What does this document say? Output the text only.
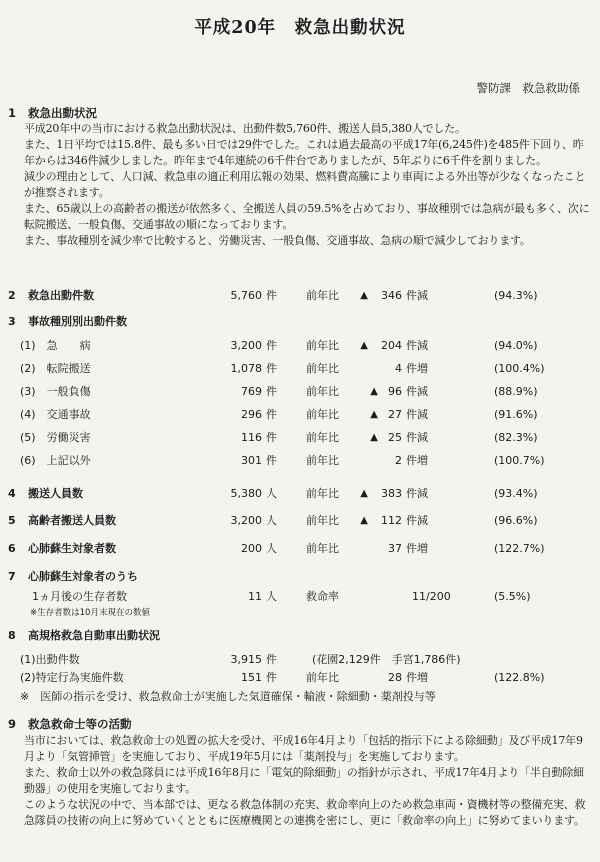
平成20年　救急出動状況
警防課　救急救助係
1 救急出動状況

平成20年中の当市における救急出動状況は、出動件数5,760件、搬送人員5,380人でした。

また、1日平均では15.8件、最も多い日では29件でした。これは過去最高の平成17年(6,245件)を485件下回り、昨年からは346件減少しました。昨年まで4年連続の6千件台でありましたが、5年ぶりに6千件を割りました。

減少の理由として、人口減、救急車の適正利用広報の効果、燃料費高騰により車両による外出等が少なくなったことが推察されます。

また、65歳以上の高齢者の搬送が依然多く、全搬送人員の59.5%を占めており、事故種別では急病が最も多く、次に転院搬送、一般負傷、交通事故の順になっております。

また、事故種別を減少率で比較すると、労働災害、一般負傷、交通事故、急病の順で減少しております。

2	救急出動件数	5,760 件	前年比 ▲ 346 件減	(94.3%)
3	事故種別別出動件数
(1)　急　　病	3,200 件	前年比 ▲ 204 件減	(94.0%)
(2)　転院搬送	1,078 件	前年比	4 件増	(100.4%)
(3)　一般負傷	769 件	前年比	▲ 96 件減	(88.9%)
(4)　交通事故	296 件	前年比	▲ 27 件減	(91.6%)
(5)　労働災害	116 件	前年比	▲ 25 件減	(82.3%)
(6)　上記以外	301 件	前年比	2 件増	(100.7%)
4	搬送人員数	5,380 人	前年比 ▲ 383 件減	(93.4%)
5	高齢者搬送人員数	3,200 人	前年比 ▲ 112 件減	(96.6%)
6	心肺蘇生対象者数	200 人	前年比	37 件増	(122.7%)
7	心肺蘇生対象者のうち
1ヵ月後の生存者数	11 人	救命率	11/200	(5.5%)
※生存者数は10月末現在の数値
8	高規格救急自動車出動状況
(1)出動件数	3,915 件	(花園2,129件　手宮1,786件)
(2)特定行為実施件数	151 件	前年比	28 件増	(122.8%)
※　医師の指示を受け、救急救命士が実施した気道確保・輸液・除細動・薬剤投与等
9 救急救命士等の活動

当市においては、救急救命士の処置の拡大を受け、平成16年4月より「包括的指示下による除細動」及び平成17年9月より「気管挿管」を実施しており、平成19年5月には「薬剤投与」を実施しております。

また、救命士以外の救急隊員には平成16年8月に「電気的除細動」の指針が示され、平成17年4月より「半自動除細動器」の使用を実施しております。

このような状況の中で、当本部では、更なる救急体制の充実、救命率向上のため救急車両・資機材等の整備充実、救急隊員の技術の向上に努めていくとともに医療機関との連携を密にし、更に「救命率の向上」に努めてまいります。
